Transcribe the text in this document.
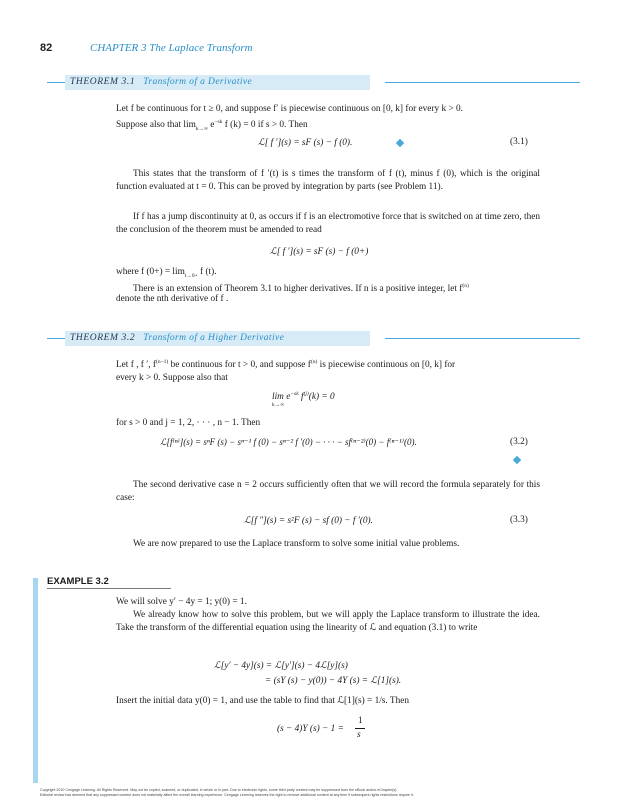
82	CHAPTER 3 The Laplace Transform
THEOREM 3.1 Transform of a Derivative
Let f be continuous for t ≥ 0, and suppose f′ is piecewise continuous on [0, k] for every k > 0.
Suppose also that $\lim_{k\to\infty} e^{-sk}$ f (k) = 0 if s > 0. Then
ℒ[ f ′](s) = sF (s) − f (0).	(3.1)
This states that the transform of f ′(t) is s times the transform of f (t), minus f (0), which is the original function evaluated at t = 0. This can be proved by integration by parts (see Problem 11).
If f has a jump discontinuity at 0, as occurs if f is an electromotive force that is switched on at time zero, then the conclusion of the theorem must be amended to read
ℒ[ f ′](s) = sF (s) − f (0+)
where f $(0+) = \lim_{t\to 0+} f$ (t).
There is an extension of Theorem 3.1 to higher derivatives. If n is a positive integer, let $f^{(n)}$
denote the nth derivative of f .
THEOREM 3.2 Transform of a Higher Derivative
Let f , f ′, $f^{(n-1)}$ be continuous for t > 0, and suppose $f^{(n)}$ is piecewise continuous on [0, k] for
every k > 0. Suppose also that
$\lim e^{-sk}$ $f^{(j)}(k) = 0$
k→∞
for s > 0 and j = 1, 2, · · · , n − 1. Then
ℒ[f⁽ⁿ⁾](s) = sⁿF (s) − sⁿ⁻¹ f (0) − sⁿ⁻² f ′(0) − · · · − sf⁽ⁿ⁻²⁾(0) − f⁽ⁿ⁻¹⁾(0).	(3.2)
The second derivative case n = 2 occurs sufficiently often that we will record the formula separately for this case:
ℒ[f ″](s) = s²F (s) − sf (0) − f ′(0).	(3.3)
We are now prepared to use the Laplace transform to solve some initial value problems.
EXAMPLE 3.2
We will solve y′ − 4y = 1; y(0) = 1.
We already know how to solve this problem, but we will apply the Laplace transform to illustrate the idea. Take the transform of the differential equation using the linearity of ℒ and equation (3.1) to write
ℒ[y′ − 4y](s) = ℒ[y′](s) − 4ℒ[y](s)
= (sY (s) − y(0)) − 4Y (s) = ℒ[1](s).
Insert the initial data y(0) = 1, and use the table to find that ℒ[1](s) = 1/s. Then
(s − 4)Y (s) − 1 =
1
s
Copyright 2010 Cengage Learning. All Rights Reserved. May not be copied, scanned, or duplicated, in whole or in part. Due to electronic rights, some third party content may be suppressed from the eBook and/or eChapter(s).
Editorial review has deemed that any suppressed content does not materially affect the overall learning experience. Cengage Learning reserves the right to remove additional content at any time if subsequent rights restrictions require it.
